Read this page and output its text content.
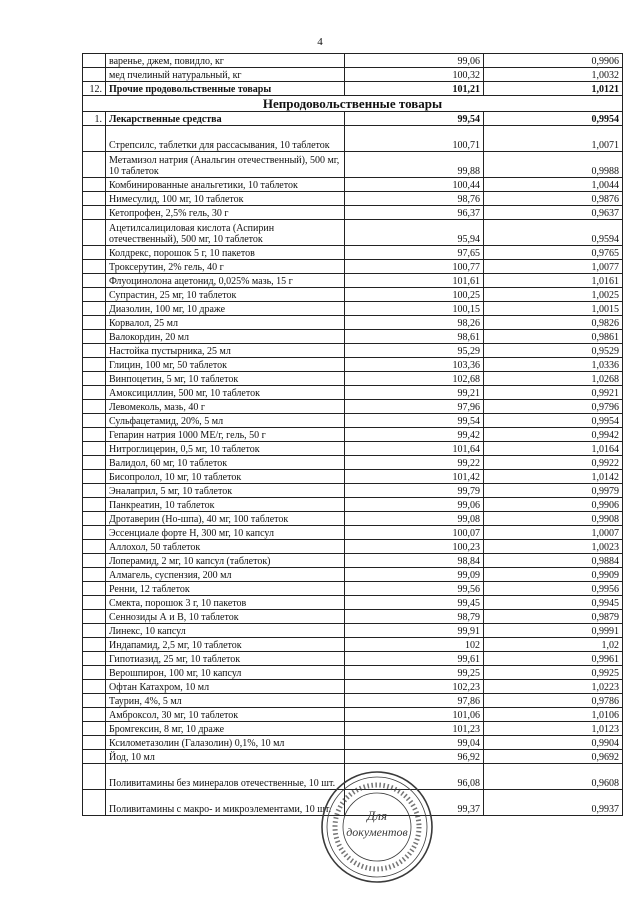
4
	варенье, джем, повидло, кг	99,06	0,9906
	мед пчелиный натуральный, кг	100,32	1,0032
12.	Прочие продовольственные товары	101,21	1,0121
Непродовольственные товары			
1.	Лекарственные средства	99,54	0,9954
	Стрепсилс, таблетки для рассасывания, 10 таблеток	100,71	1,0071
	Метамизол натрия (Анальгин отечественный), 500 мг, 10 таблеток	99,88	0,9988
	Комбинированные анальгетики, 10 таблеток	100,44	1,0044
	Нимесулид, 100 мг, 10 таблеток	98,76	0,9876
	Кетопрофен, 2,5% гель, 30 г	96,37	0,9637
	Ацетилсалициловая кислота (Аспирин отечественный), 500 мг, 10 таблеток	95,94	0,9594
	Колдрекс, порошок 5 г, 10 пакетов	97,65	0,9765
	Троксерутин, 2% гель, 40 г	100,77	1,0077
	Флуоцинолона ацетонид, 0,025% мазь, 15 г	101,61	1,0161
	Супрастин, 25 мг, 10 таблеток	100,25	1,0025
	Диазолин, 100 мг, 10 драже	100,15	1,0015
	Корвалол, 25 мл	98,26	0,9826
	Валокордин, 20 мл	98,61	0,9861
	Настойка пустырника, 25 мл	95,29	0,9529
	Глицин, 100 мг, 50 таблеток	103,36	1,0336
	Винпоцетин, 5 мг, 10 таблеток	102,68	1,0268
	Амоксициллин, 500 мг, 10 таблеток	99,21	0,9921
	Левомеколь, мазь, 40 г	97,96	0,9796
	Сульфацетамид, 20%, 5 мл	99,54	0,9954
	Гепарин натрия 1000 МЕ/г, гель, 50 г	99,42	0,9942
	Нитроглицерин, 0,5 мг, 10 таблеток	101,64	1,0164
	Валидол, 60 мг, 10 таблеток	99,22	0,9922
	Бисопролол, 10 мг, 10 таблеток	101,42	1,0142
	Эналаприл, 5 мг, 10 таблеток	99,79	0,9979
	Панкреатин, 10 таблеток	99,06	0,9906
	Дротаверин (Но-шпа), 40 мг, 100 таблеток	99,08	0,9908
	Эссенциале форте Н, 300 мг, 10 капсул	100,07	1,0007
	Аллохол, 50 таблеток	100,23	1,0023
	Лоперамид, 2 мг, 10 капсул (таблеток)	98,84	0,9884
	Алмагель, суспензия, 200 мл	99,09	0,9909
	Ренни, 12 таблеток	99,56	0,9956
	Смекта, порошок 3 г, 10 пакетов	99,45	0,9945
	Сеннозиды А и В, 10 таблеток	98,79	0,9879
	Линекс, 10 капсул	99,91	0,9991
	Индапамид, 2,5 мг, 10 таблеток	102	1,02
	Гипотиазид, 25 мг, 10 таблеток	99,61	0,9961
	Верошпирон, 100 мг, 10 капсул	99,25	0,9925
	Офтан Катахром, 10 мл	102,23	1,0223
	Таурин, 4%, 5 мл	97,86	0,9786
	Амброксол, 30 мг, 10 таблеток	101,06	1,0106
	Бромгексин, 8 мг, 10 драже	101,23	1,0123
	Ксилометазолин (Галазолин) 0,1%, 10 мл	99,04	0,9904
	Йод, 10 мл	96,92	0,9692
	Поливитамины без минералов отечественные, 10 шт.	96,08	0,9608
	Поливитамины с макро- и микроэлементами, 10 шт.	99,37	0,9937
Для
документов
